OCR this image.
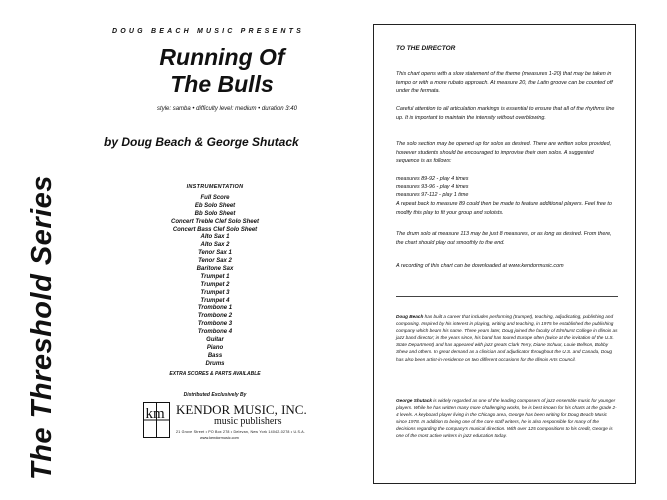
The Threshold Series
DOUG BEACH MUSIC PRESENTS
Running Of
The Bulls
style: samba • difficulty level: medium • duration 3:40
by Doug Beach & George Shutack
INSTRUMENTATION
Full Score
Eb Solo Sheet
Bb Solo Sheet
Concert Treble Clef Solo Sheet
Concert Bass Clef Solo Sheet
Alto Sax 1
Alto Sax 2
Tenor Sax 1
Tenor Sax 2
Baritone Sax
Trumpet 1
Trumpet 2
Trumpet 3
Trumpet 4
Trombone 1
Trombone 2
Trombone 3
Trombone 4
Guitar
Piano
Bass
Drums
EXTRA SCORES & PARTS AVAILABLE
Distributed Exclusively By
km KENDOR MUSIC, INC.
music publishers
21 Grove Street • PO Box 278 • Delevan, New York 14042-0278 • U.S.A.
www.kendormusic.com
TO THE DIRECTOR

This chart opens with a slow statement of the theme (measures 1-20) that may be taken in tempo or with a more rubato approach. At measure 20, the Latin groove can be counted off under the fermata.

Careful attention to all articulation markings is essential to ensure that all of the rhythms line up. It is important to maintain the intensity without overblowing.

The solo section may be opened up for solos as desired. There are written solos provided, however students should be encouraged to improvise their own solos. A suggested sequence is as follows:

measures 89-92 - play 4 times

measures 93-96 - play 4 times

measures 97-112 - play 1 time

A repeat back to measure 89 could then be made to feature additional players. Feel free to modify this play to fit your group and soloists.

The drum solo at measure 113 may be just 8 measures, or as long as desired. From there, the chart should play out smoothly to the end.

A recording of this chart can be downloaded at www.kendormusic.com

Doug Beach has built a career that includes performing (trumpet), teaching, adjudicating, publishing and composing. Inspired by his interest in playing, writing and teaching, in 1975 he established the publishing company which bears his name. Three years later, Doug joined the faculty of Elmhurst College in Illinois as jazz band director; in the years since, his band has toured Europe often (twice at the invitation of the U.S. State Department) and has appeared with jazz greats Clark Terry, Diane Schuur, Louie Bellson, Bobby Shew and others. In great demand as a clinician and adjudicator throughout the U.S. and Canada, Doug has also been artist-in-residence on two different occasions for the Illinois Arts Council.

George Shutack is widely regarded as one of the leading composers of jazz ensemble music for younger players. While he has written many more challenging works, he is best known for his charts at the grade 2-4 levels. A keyboard player living in the Chicago area, George has been writing for Doug Beach Music since 1978. In addition to being one of the core staff writers, he is also responsible for many of the decisions regarding the company's musical direction. With over 125 compositions to his credit, George is one of the most active writers in jazz education today.
